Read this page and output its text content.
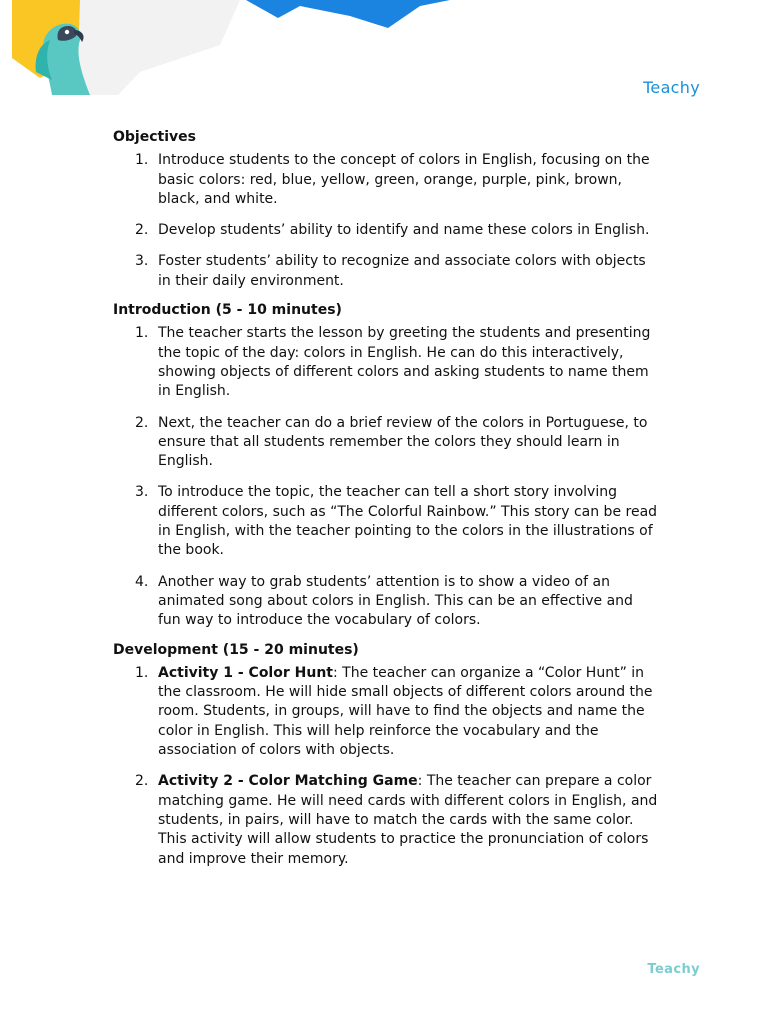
Teachy
Objectives
1. Introduce students to the concept of colors in English, focusing on the basic colors: red, blue, yellow, green, orange, purple, pink, brown, black, and white.
2. Develop students’ ability to identify and name these colors in English.
3. Foster students’ ability to recognize and associate colors with objects in their daily environment.
Introduction (5 - 10 minutes)
1. The teacher starts the lesson by greeting the students and presenting the topic of the day: colors in English. He can do this interactively, showing objects of different colors and asking students to name them in English.
2. Next, the teacher can do a brief review of the colors in Portuguese, to ensure that all students remember the colors they should learn in English.
3. To introduce the topic, the teacher can tell a short story involving different colors, such as “The Colorful Rainbow.” This story can be read in English, with the teacher pointing to the colors in the illustrations of the book.
4. Another way to grab students’ attention is to show a video of an animated song about colors in English. This can be an effective and fun way to introduce the vocabulary of colors.
Development (15 - 20 minutes)
1. Activity 1 - Color Hunt: The teacher can organize a “Color Hunt” in the classroom. He will hide small objects of different colors around the room. Students, in groups, will have to find the objects and name the color in English. This will help reinforce the vocabulary and the association of colors with objects.
2. Activity 2 - Color Matching Game: The teacher can prepare a color matching game. He will need cards with different colors in English, and students, in pairs, will have to match the cards with the same color. This activity will allow students to practice the pronunciation of colors and improve their memory.
Teachy
